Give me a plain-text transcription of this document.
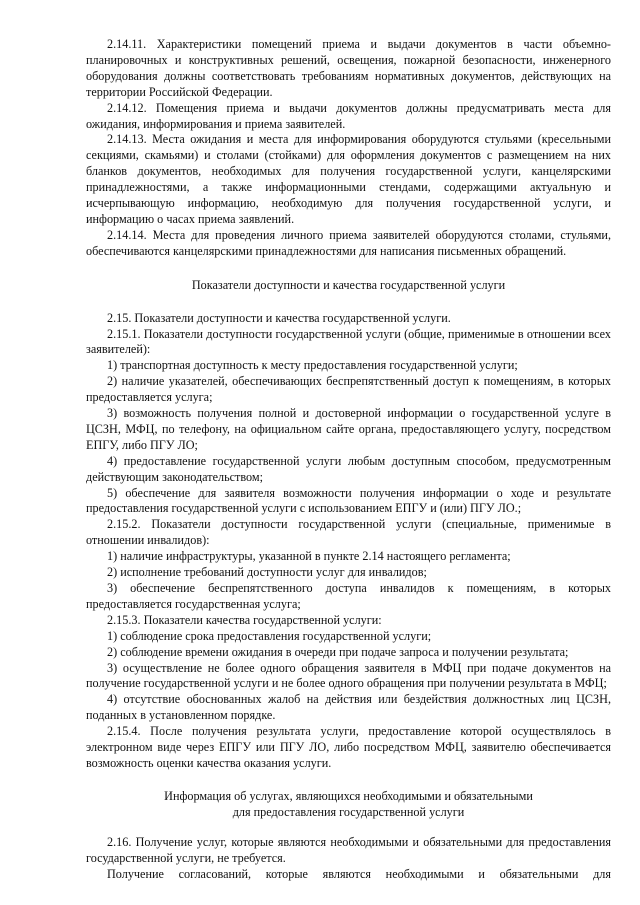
2.14.11. Характеристики помещений приема и выдачи документов в части объемно-планировочных и конструктивных решений, освещения, пожарной безопасности, инженерного оборудования должны соответствовать требованиям нормативных документов, действующих на территории Российской Федерации.

2.14.12. Помещения приема и выдачи документов должны предусматривать места для ожидания, информирования и приема заявителей.

2.14.13. Места ожидания и места для информирования оборудуются стульями (кресельными секциями, скамьями) и столами (стойками) для оформления документов с размещением на них бланков документов, необходимых для получения государственной услуги, канцелярскими принадлежностями, а также информационными стендами, содержащими актуальную и исчерпывающую информацию, необходимую для получения государственной услуги, и информацию о часах приема заявлений.

2.14.14. Места для проведения личного приема заявителей оборудуются столами, стульями, обеспечиваются канцелярскими принадлежностями для написания письменных обращений.

Показатели доступности и качества государственной услуги

2.15. Показатели доступности и качества государственной услуги.

2.15.1. Показатели доступности государственной услуги (общие, применимые в отношении всех заявителей):

1) транспортная доступность к месту предоставления государственной услуги;

2) наличие указателей, обеспечивающих беспрепятственный доступ к помещениям, в которых предоставляется услуга;

3) возможность получения полной и достоверной информации о государственной услуге в ЦСЗН, МФЦ, по телефону, на официальном сайте органа, предоставляющего услугу, посредством ЕПГУ, либо ПГУ ЛО;

4) предоставление государственной услуги любым доступным способом, предусмотренным действующим законодательством;

5) обеспечение для заявителя возможности получения информации о ходе и результате предоставления государственной услуги с использованием ЕПГУ и (или) ПГУ ЛО.;

2.15.2. Показатели доступности государственной услуги (специальные, применимые в отношении инвалидов):

1) наличие инфраструктуры, указанной в пункте 2.14 настоящего регламента;

2) исполнение требований доступности услуг для инвалидов;

3) обеспечение беспрепятственного доступа инвалидов к помещениям, в которых предоставляется государственная услуга;

2.15.3. Показатели качества государственной услуги:

1) соблюдение срока предоставления государственной услуги;

2) соблюдение времени ожидания в очереди при подаче запроса и получении результата;

3) осуществление не более одного обращения заявителя в МФЦ при подаче документов на получение государственной услуги и не более одного обращения при получении результата в МФЦ;

4) отсутствие обоснованных жалоб на действия или бездействия должностных лиц ЦСЗН, поданных в установленном порядке.

2.15.4. После получения результата услуги, предоставление которой осуществлялось в электронном виде через ЕПГУ или ПГУ ЛО, либо посредством МФЦ, заявителю обеспечивается возможность оценки качества оказания услуги.

Информация об услугах, являющихся необходимыми и обязательными

для предоставления государственной услуги

2.16. Получение услуг, которые являются необходимыми и обязательными для предоставления государственной услуги, не требуется.

Получение согласований, которые являются необходимыми и обязательными для
